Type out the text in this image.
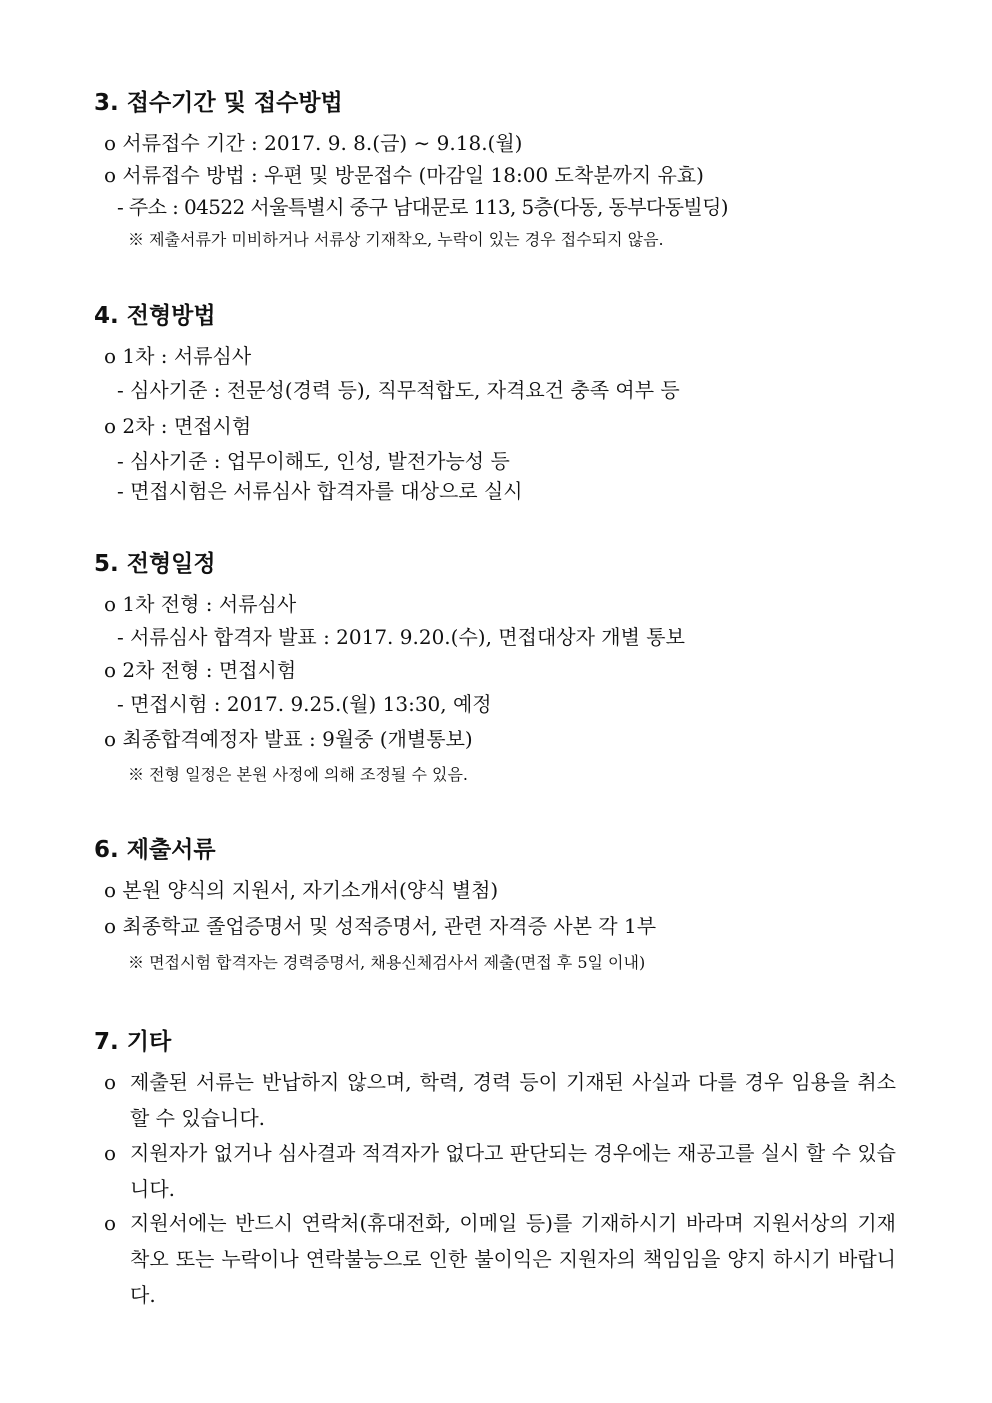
3. 접수기간 및 접수방법
o 서류접수 기간 : 2017. 9. 8.(금) ∼ 9.18.(월)
o 서류접수 방법 : 우편 및 방문접수 (마감일 18:00 도착분까지 유효)
- 주소 : 04522 서울특별시 중구 남대문로 113, 5층(다동, 동부다동빌딩)
※ 제출서류가 미비하거나 서류상 기재착오, 누락이 있는 경우 접수되지 않음.
4. 전형방법
o 1차 : 서류심사
- 심사기준 : 전문성(경력 등), 직무적합도, 자격요건 충족 여부 등
o 2차 : 면접시험
- 심사기준 : 업무이해도, 인성, 발전가능성 등
- 면접시험은 서류심사 합격자를 대상으로 실시
5. 전형일정
o 1차 전형 : 서류심사
- 서류심사 합격자 발표 : 2017. 9.20.(수), 면접대상자 개별 통보
o 2차 전형 : 면접시험
- 면접시험 : 2017. 9.25.(월) 13:30, 예정
o 최종합격예정자 발표 : 9월중 (개별통보)
※ 전형 일정은 본원 사정에 의해 조정될 수 있음.
6. 제출서류
o 본원 양식의 지원서, 자기소개서(양식 별첨)
o 최종학교 졸업증명서 및 성적증명서, 관련 자격증 사본 각 1부
※ 면접시험 합격자는 경력증명서, 채용신체검사서 제출(면접 후 5일 이내)
7. 기타
o 제출된 서류는 반납하지 않으며, 학력, 경력 등이 기재된 사실과 다를 경우 임용을 취소 할 수 있습니다.
o 지원자가 없거나 심사결과 적격자가 없다고 판단되는 경우에는 재공고를 실시 할 수 있습니다.
o 지원서에는 반드시 연락처(휴대전화, 이메일 등)를 기재하시기 바라며 지원서상의 기재착오 또는 누락이나 연락불능으로 인한 불이익은 지원자의 책임임을 양지 하시기 바랍니다.
